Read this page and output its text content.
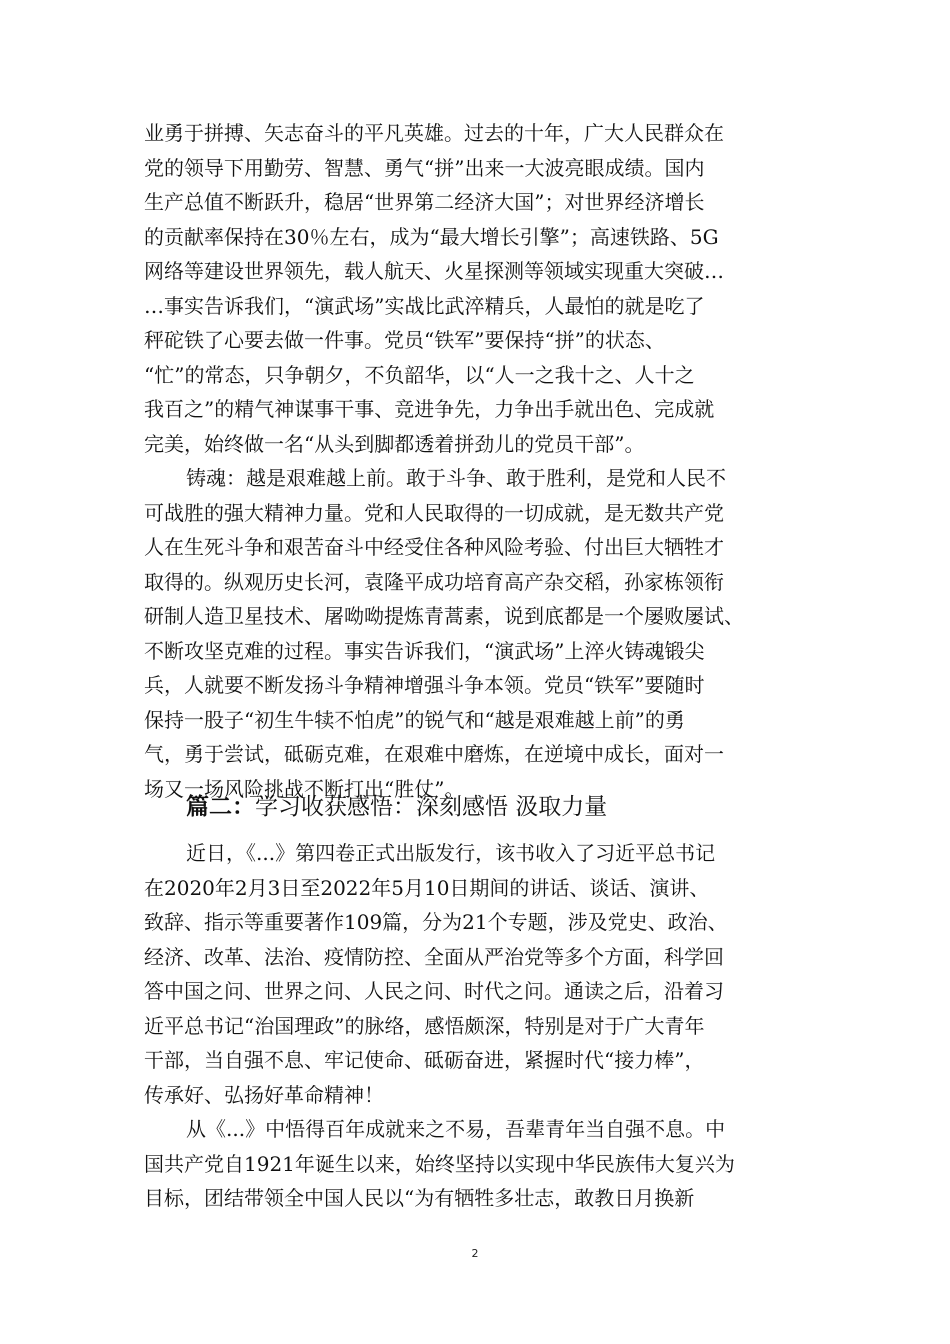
业勇于拼搏、矢志奋斗的平凡英雄。过去的十年，广大人民群众在
党的领导下用勤劳、智慧、勇气“拼”出来一大波亮眼成绩。国内
生产总值不断跃升，稳居“世界第二经济大国”；对世界经济增长
的贡献率保持在30％左右，成为“最大增长引擎”；高速铁路、5G
网络等建设世界领先，载人航天、火星探测等领域实现重大突破…
…事实告诉我们，“演武场”实战比武淬精兵，人最怕的就是吃了
秤砣铁了心要去做一件事。党员“铁军”要保持“拼”的状态、
“忙”的常态，只争朝夕，不负韶华，以“人一之我十之、人十之
我百之”的精气神谋事干事、竞进争先，力争出手就出色、完成就
完美，始终做一名“从头到脚都透着拼劲儿的党员干部”。
铸魂：越是艰难越上前。敢于斗争、敢于胜利，是党和人民不
可战胜的强大精神力量。党和人民取得的一切成就，是无数共产党
人在生死斗争和艰苦奋斗中经受住各种风险考验、付出巨大牺牲才
取得的。纵观历史长河，袁隆平成功培育高产杂交稻，孙家栋领衔
研制人造卫星技术、屠呦呦提炼青蒿素，说到底都是一个屡败屡试、
不断攻坚克难的过程。事实告诉我们，“演武场”上淬火铸魂锻尖
兵，人就要不断发扬斗争精神增强斗争本领。党员“铁军”要随时
保持一股子“初生牛犊不怕虎”的锐气和“越是艰难越上前”的勇
气，勇于尝试，砥砺克难，在艰难中磨炼，在逆境中成长，面对一
场又一场风险挑战不断打出“胜仗”。
篇二：学习收获感悟：深刻感悟 汲取力量
近日，《...》第四卷正式出版发行，该书收入了习近平总书记
在2020年2月3日至2022年5月10日期间的讲话、谈话、演讲、
致辞、指示等重要著作109篇，分为21个专题，涉及党史、政治、
经济、改革、法治、疫情防控、全面从严治党等多个方面，科学回
答中国之问、世界之问、人民之问、时代之问。通读之后，沿着习
近平总书记“治国理政”的脉络，感悟颇深，特别是对于广大青年
干部，当自强不息、牢记使命、砥砺奋进，紧握时代“接力棒”，
传承好、弘扬好革命精神！
从《...》中悟得百年成就来之不易，吾辈青年当自强不息。中
国共产党自1921年诞生以来，始终坚持以实现中华民族伟大复兴为
目标，团结带领全中国人民以“为有牺牲多壮志，敢教日月换新
2
